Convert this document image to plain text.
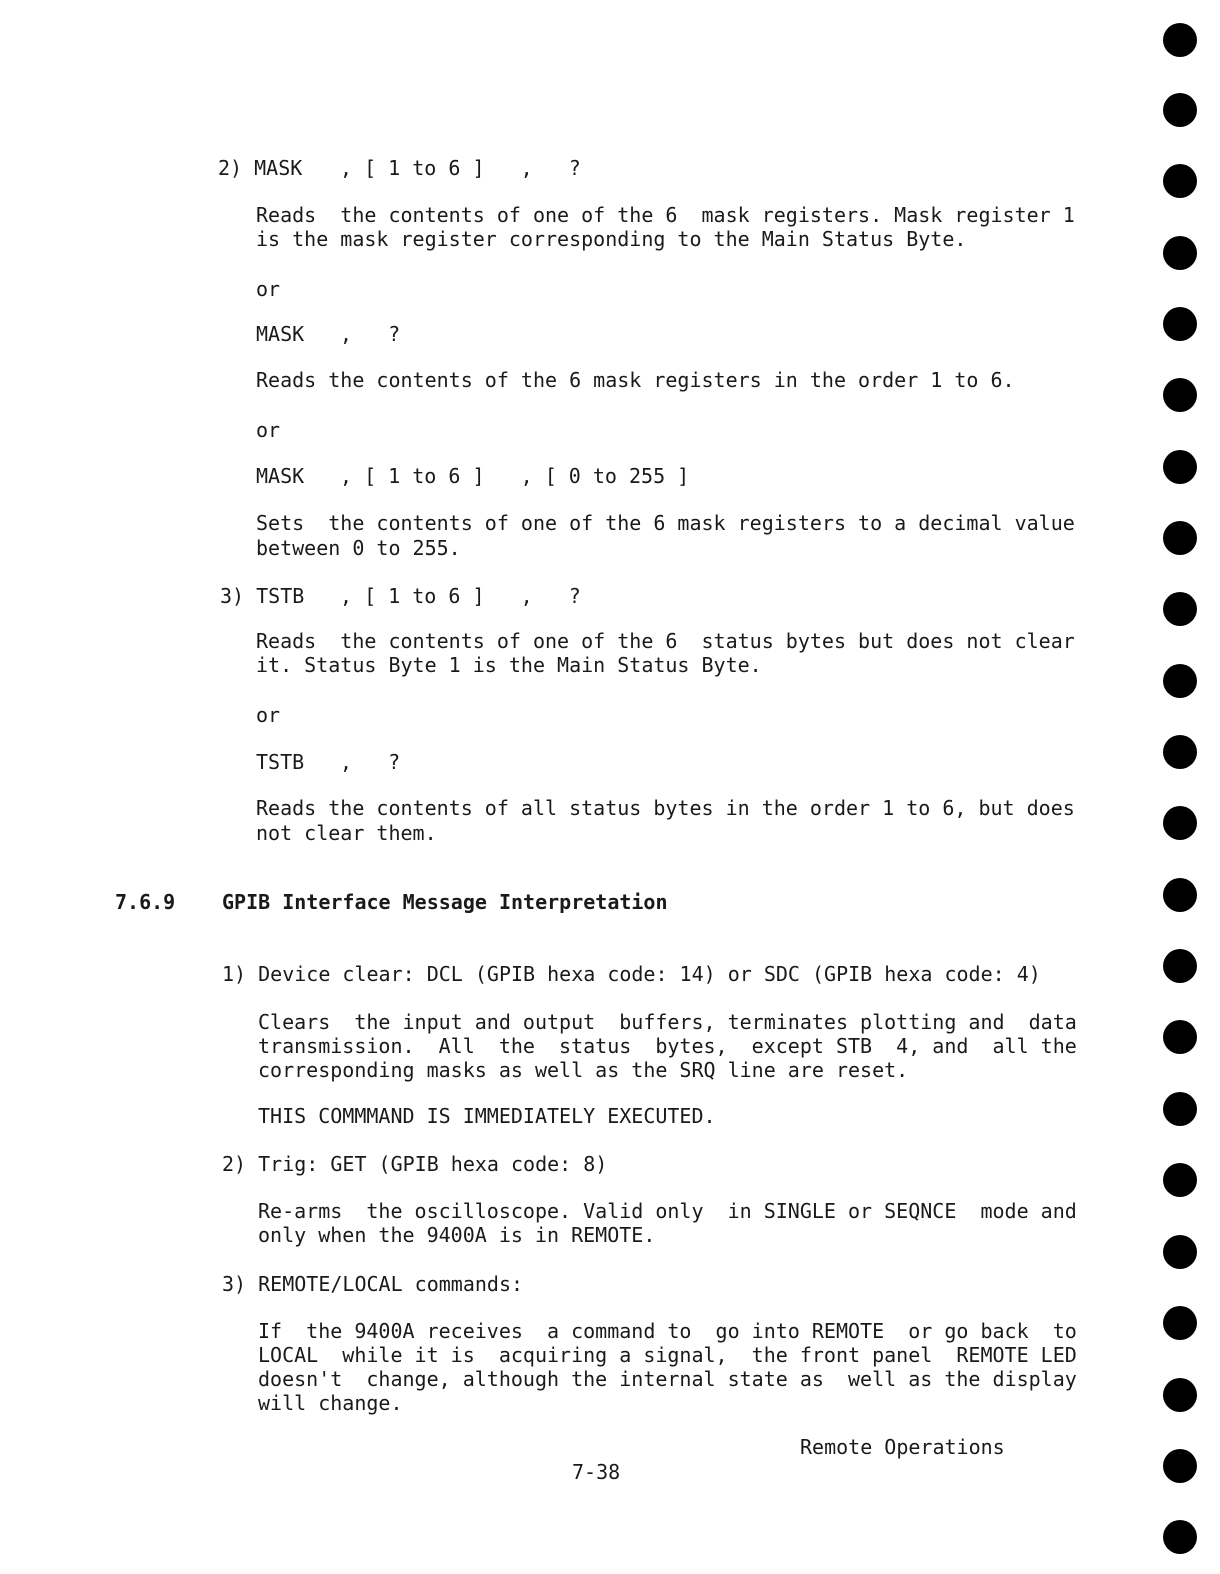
2) MASK , [ 1 to 6 ]   ,   ?
Reads  the contents of one of the 6  mask registers. Mask register 1
is the mask register corresponding to the Main Status Byte.
or
MASK ,   ?
Reads the contents of the 6 mask registers in the order 1 to 6.
or
MASK , [ 1 to 6 ]   , [ 0 to 255 ]
Sets  the contents of one of the 6 mask registers to a decimal value
between 0 to 255.
3) TSTB , [ 1 to 6 ]   ,   ?
Reads  the contents of one of the 6  status bytes but does not clear
it. Status Byte 1 is the Main Status Byte.
or
TSTB ,   ?
Reads the contents of all status bytes in the order 1 to 6, but does
not clear them.
7.6.9 GPIB Interface Message Interpretation
1) Device clear: DCL (GPIB hexa code: 14) or SDC (GPIB hexa code: 4)
Clears  the input and output  buffers, terminates plotting and  data
transmission.  All  the  status  bytes,  except STB  4, and  all the
corresponding masks as well as the SRQ line are reset.
THIS COMMMAND IS IMMEDIATELY EXECUTED.
2) Trig: GET (GPIB hexa code: 8)
Re-arms  the oscilloscope. Valid only  in SINGLE or SEQNCE  mode and
only when the 9400A is in REMOTE.
3) REMOTE/LOCAL commands:
If  the 9400A receives  a command to  go into REMOTE  or go back  to
LOCAL  while it is  acquiring a signal,  the front panel  REMOTE LED
doesn't  change, although the internal state as  well as the display
will change.
Remote Operations
7-38
